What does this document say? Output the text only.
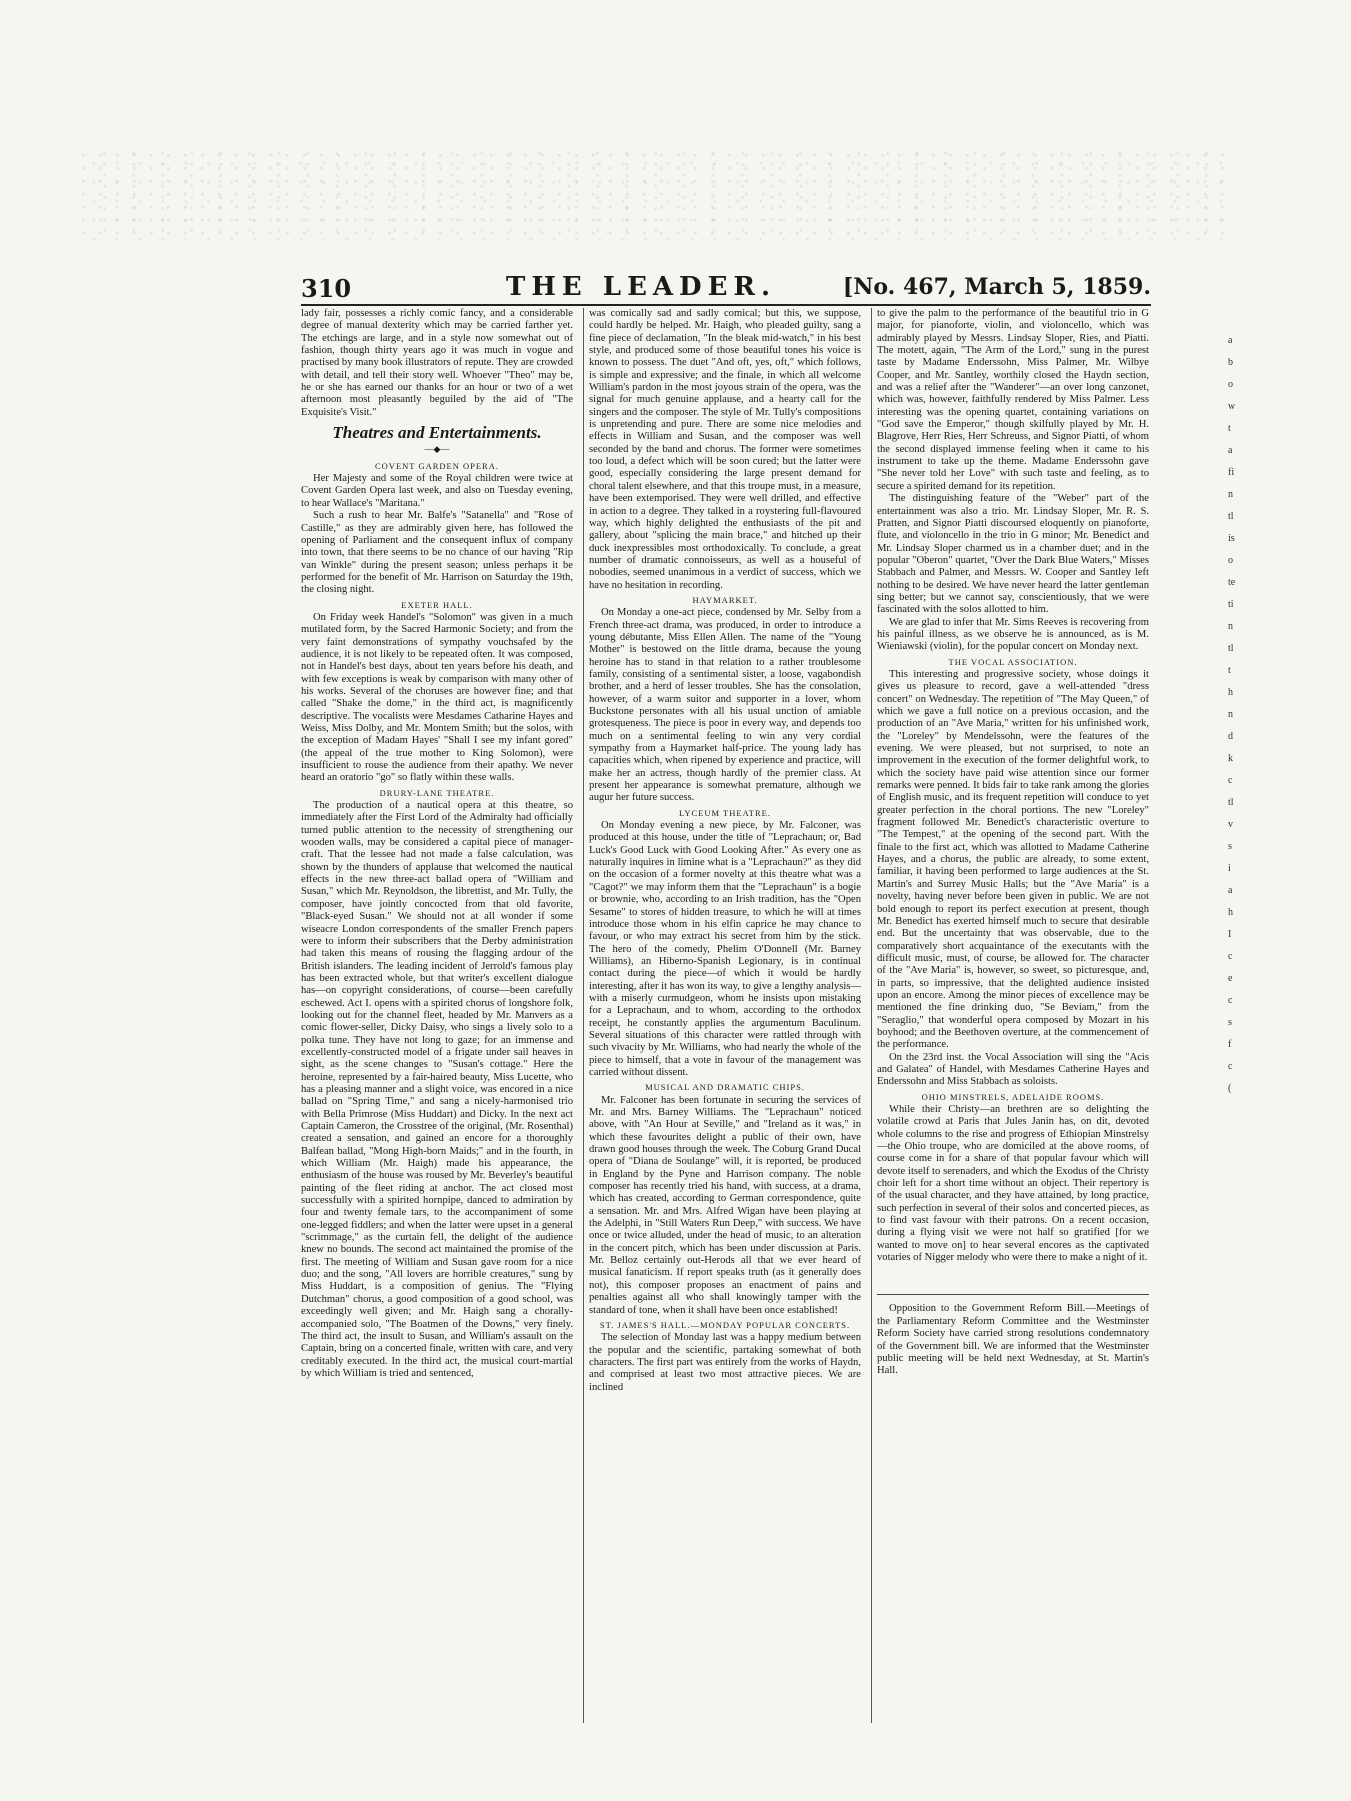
310	THE LEADER.	[No. 467, March 5, 1859.

lady fair, possesses a richly comic fancy, and a considerable degree of manual dexterity which may be carried farther yet. The etchings are large, and in a style now somewhat out of fashion, though thirty years ago it was much in vogue and practised by many book illustrators of repute. They are crowded with detail, and tell their story well. Whoever "Theo" may be, he or she has earned our thanks for an hour or two of a wet afternoon most pleasantly beguiled by the aid of "The Exquisite's Visit."

Theatres and Entertainments.
—◆—
COVENT GARDEN OPERA.

Her Majesty and some of the Royal children were twice at Covent Garden Opera last week, and also on Tuesday evening, to hear Wallace's "Maritana."

Such a rush to hear Mr. Balfe's "Satanella" and "Rose of Castille," as they are admirably given here, has followed the opening of Parliament and the consequent influx of company into town, that there seems to be no chance of our having "Rip van Winkle" during the present season; unless perhaps it be performed for the benefit of Mr. Harrison on Saturday the 19th, the closing night.

EXETER HALL.

On Friday week Handel's "Solomon" was given in a much mutilated form, by the Sacred Harmonic Society; and from the very faint demonstrations of sympathy vouchsafed by the audience, it is not likely to be repeated often. It was composed, not in Handel's best days, about ten years before his death, and with few exceptions is weak by comparison with many other of his works. Several of the choruses are however fine; and that called "Shake the dome," in the third act, is magnificently descriptive. The vocalists were Mesdames Catharine Hayes and Weiss, Miss Dolby, and Mr. Montem Smith; but the solos, with the exception of Madam Hayes' "Shall I see my infant gored" (the appeal of the true mother to King Solomon), were insufficient to rouse the audience from their apathy. We never heard an oratorio "go" so flatly within these walls.

DRURY-LANE THEATRE.

The production of a nautical opera at this theatre, so immediately after the First Lord of the Admiralty had officially turned public attention to the necessity of strengthening our wooden walls, may be considered a capital piece of manager-craft. That the lessee had not made a false calculation, was shown by the thunders of applause that welcomed the nautical effects in the new three-act ballad opera of "William and Susan," which Mr. Reynoldson, the librettist, and Mr. Tully, the composer, have jointly concocted from that old favorite, "Black-eyed Susan." We should not at all wonder if some wiseacre London correspondents of the smaller French papers were to inform their subscribers that the Derby administration had taken this means of rousing the flagging ardour of the British islanders. The leading incident of Jerrold's famous play has been extracted whole, but that writer's excellent dialogue has—on copyright considerations, of course—been carefully eschewed. Act I. opens with a spirited chorus of longshore folk, looking out for the channel fleet, headed by Mr. Manvers as a comic flower-seller, Dicky Daisy, who sings a lively solo to a polka tune. They have not long to gaze; for an immense and excellently-constructed model of a frigate under sail heaves in sight, as the scene changes to "Susan's cottage." Here the heroine, represented by a fair-haired beauty, Miss Lucette, who has a pleasing manner and a slight voice, was encored in a nice ballad on "Spring Time," and sang a nicely-harmonised trio with Bella Primrose (Miss Huddart) and Dicky. In the next act Captain Cameron, the Crosstree of the original, (Mr. Rosenthal) created a sensation, and gained an encore for a thoroughly Balfean ballad, "Mong High-born Maids;" and in the fourth, in which William (Mr. Haigh) made his appearance, the enthusiasm of the house was roused by Mr. Beverley's beautiful painting of the fleet riding at anchor. The act closed most successfully with a spirited hornpipe, danced to admiration by four and twenty female tars, to the accompaniment of some one-legged fiddlers; and when the latter were upset in a general "scrimmage," as the curtain fell, the delight of the audience knew no bounds. The second act maintained the promise of the first. The meeting of William and Susan gave room for a nice duo; and the song, "All lovers are horrible creatures," sung by Miss Huddart, is a composition of genius. The "Flying Dutchman" chorus, a good composition of a good school, was exceedingly well given; and Mr. Haigh sang a chorally-accompanied solo, "The Boatmen of the Downs," very finely. The third act, the insult to Susan, and William's assault on the Captain, bring on a concerted finale, written with care, and very creditably executed. In the third act, the musical court-martial by which William is tried and sentenced,

was comically sad and sadly comical; but this, we suppose, could hardly be helped. Mr. Haigh, who pleaded guilty, sang a fine piece of declamation, "In the bleak mid-watch," in his best style, and produced some of those beautiful tones his voice is known to possess. The duet "And oft, yes, oft," which follows, is simple and expressive; and the finale, in which all welcome William's pardon in the most joyous strain of the opera, was the signal for much genuine applause, and a hearty call for the singers and the composer. The style of Mr. Tully's compositions is unpretending and pure. There are some nice melodies and effects in William and Susan, and the composer was well seconded by the band and chorus. The former were sometimes too loud, a defect which will be soon cured; but the latter were good, especially considering the large present demand for choral talent elsewhere, and that this troupe must, in a measure, have been extemporised. They were well drilled, and effective in action to a degree. They talked in a roystering full-flavoured way, which highly delighted the enthusiasts of the pit and gallery, about "splicing the main brace," and hitched up their duck inexpressibles most orthodoxically. To conclude, a great number of dramatic connoisseurs, as well as a houseful of nobodies, seemed unanimous in a verdict of success, which we have no hesitation in recording.

HAYMARKET.

On Monday a one-act piece, condensed by Mr. Selby from a French three-act drama, was produced, in order to introduce a young débutante, Miss Ellen Allen. The name of the "Young Mother" is bestowed on the little drama, because the young heroine has to stand in that relation to a rather troublesome family, consisting of a sentimental sister, a loose, vagabondish brother, and a herd of lesser troubles. She has the consolation, however, of a warm suitor and supporter in a lover, whom Buckstone personates with all his usual unction of amiable grotesqueness. The piece is poor in every way, and depends too much on a sentimental feeling to win any very cordial sympathy from a Haymarket half-price. The young lady has capacities which, when ripened by experience and practice, will make her an actress, though hardly of the premier class. At present her appearance is somewhat premature, although we augur her future success.

LYCEUM THEATRE.

On Monday evening a new piece, by Mr. Falconer, was produced at this house, under the title of "Leprachaun; or, Bad Luck's Good Luck with Good Looking After." As every one as naturally inquires in limine what is a "Leprachaun?" as they did on the occasion of a former novelty at this theatre what was a "Cagot?" we may inform them that the "Leprachaun" is a bogie or brownie, who, according to an Irish tradition, has the "Open Sesame" to stores of hidden treasure, to which he will at times introduce those whom in his elfin caprice he may chance to favour, or who may extract his secret from him by the stick. The hero of the comedy, Phelim O'Donnell (Mr. Barney Williams), an Hiberno-Spanish Legionary, is in continual contact during the piece—of which it would be hardly interesting, after it has won its way, to give a lengthy analysis—with a miserly curmudgeon, whom he insists upon mistaking for a Leprachaun, and to whom, according to the orthodox receipt, he constantly applies the argumentum Baculinum. Several situations of this character were rattled through with such vivacity by Mr. Williams, who had nearly the whole of the piece to himself, that a vote in favour of the management was carried without dissent.

MUSICAL AND DRAMATIC CHIPS.

Mr. Falconer has been fortunate in securing the services of Mr. and Mrs. Barney Williams. The "Leprachaun" noticed above, with "An Hour at Seville," and "Ireland as it was," in which these favourites delight a public of their own, have drawn good houses through the week. The Coburg Grand Ducal opera of "Diana de Soulange" will, it is reported, be produced in England by the Pyne and Harrison company. The noble composer has recently tried his hand, with success, at a drama, which has created, according to German correspondence, quite a sensation. Mr. and Mrs. Alfred Wigan have been playing at the Adelphi, in "Still Waters Run Deep," with success. We have once or twice alluded, under the head of music, to an alteration in the concert pitch, which has been under discussion at Paris. Mr. Belloz certainly out-Herods all that we ever heard of musical fanaticism. If report speaks truth (as it generally does not), this composer proposes an enactment of pains and penalties against all who shall knowingly tamper with the standard of tone, when it shall have been once established!

ST. JAMES'S HALL.—MONDAY POPULAR CONCERTS.

The selection of Monday last was a happy medium between the popular and the scientific, partaking somewhat of both characters. The first part was entirely from the works of Haydn, and comprised at least two most attractive pieces. We are inclined

to give the palm to the performance of the beautiful trio in G major, for pianoforte, violin, and violoncello, which was admirably played by Messrs. Lindsay Sloper, Ries, and Piatti. The motett, again, "The Arm of the Lord," sung in the purest taste by Madame Enderssohn, Miss Palmer, Mr. Wilbye Cooper, and Mr. Santley, worthily closed the Haydn section, and was a relief after the "Wanderer"—an over long canzonet, which was, however, faithfully rendered by Miss Palmer. Less interesting was the opening quartet, containing variations on "God save the Emperor," though skilfully played by Mr. H. Blagrove, Herr Ries, Herr Schreuss, and Signor Piatti, of whom the second displayed immense feeling when it came to his instrument to take up the theme. Madame Enderssohn gave "She never told her Love" with such taste and feeling, as to secure a spirited demand for its repetition.

The distinguishing feature of the "Weber" part of the entertainment was also a trio. Mr. Lindsay Sloper, Mr. R. S. Pratten, and Signor Piatti discoursed eloquently on pianoforte, flute, and violoncello in the trio in G minor; Mr. Benedict and Mr. Lindsay Sloper charmed us in a chamber duet; and in the popular "Oberon" quartet, "Over the Dark Blue Waters," Misses Stabbach and Palmer, and Messrs. W. Cooper and Santley left nothing to be desired. We have never heard the latter gentleman sing better; but we cannot say, conscientiously, that we were fascinated with the solos allotted to him.

We are glad to infer that Mr. Sims Reeves is recovering from his painful illness, as we observe he is announced, as is M. Wieniawski (violin), for the popular concert on Monday next.

THE VOCAL ASSOCIATION.

This interesting and progressive society, whose doings it gives us pleasure to record, gave a well-attended "dress concert" on Wednesday. The repetition of "The May Queen," of which we gave a full notice on a previous occasion, and the production of an "Ave Maria," written for his unfinished work, the "Loreley" by Mendelssohn, were the features of the evening. We were pleased, but not surprised, to note an improvement in the execution of the former delightful work, to which the society have paid wise attention since our former remarks were penned. It bids fair to take rank among the glories of English music, and its frequent repetition will conduce to yet greater perfection in the choral portions. The new "Loreley" fragment followed Mr. Benedict's characteristic overture to "The Tempest," at the opening of the second part. With the finale to the first act, which was allotted to Madame Catherine Hayes, and a chorus, the public are already, to some extent, familiar, it having been performed to large audiences at the St. Martin's and Surrey Music Halls; but the "Ave Maria" is a novelty, having never before been given in public. We are not bold enough to report its perfect execution at present, though Mr. Benedict has exerted himself much to secure that desirable end. But the uncertainty that was observable, due to the comparatively short acquaintance of the executants with the difficult music, must, of course, be allowed for. The character of the "Ave Maria" is, however, so sweet, so picturesque, and, in parts, so impressive, that the delighted audience insisted upon an encore. Among the minor pieces of excellence may be mentioned the fine drinking duo, "Se Beviam," from the "Seraglio," that wonderful opera composed by Mozart in his boyhood; and the Beethoven overture, at the commencement of the performance.

On the 23rd inst. the Vocal Association will sing the "Acis and Galatea" of Handel, with Mesdames Catherine Hayes and Enderssohn and Miss Stabbach as soloists.

OHIO MINSTRELS, ADELAIDE ROOMS.

While their Christy—an brethren are so delighting the volatile crowd at Paris that Jules Janin has, on dit, devoted whole columns to the rise and progress of Ethiopian Minstrelsy—the Ohio troupe, who are domiciled at the above rooms, of course come in for a share of that popular favour which will devote itself to serenaders, and which the Exodus of the Christy choir left for a short time without an object. Their repertory is of the usual character, and they have attained, by long practice, such perfection in several of their solos and concerted pieces, as to find vast favour with their patrons. On a recent occasion, during a flying visit we were not half so gratified [for we wanted to move on] to hear several encores as the captivated votaries of Nigger melody who were there to make a night of it.

Opposition to the Government Reform Bill.—Meetings of the Parliamentary Reform Committee and the Westminster Reform Society have carried strong resolutions condemnatory of the Government bill. We are informed that the Westminster public meeting will be held next Wednesday, at St. Martin's Hall.

a
b
o
w
t
a
fi
n
tl
is
o
te
ti
n
tl
t
h
n
d
k
c
tl
v
s
i
a
h
I
c
e
c
s
f
c
(
